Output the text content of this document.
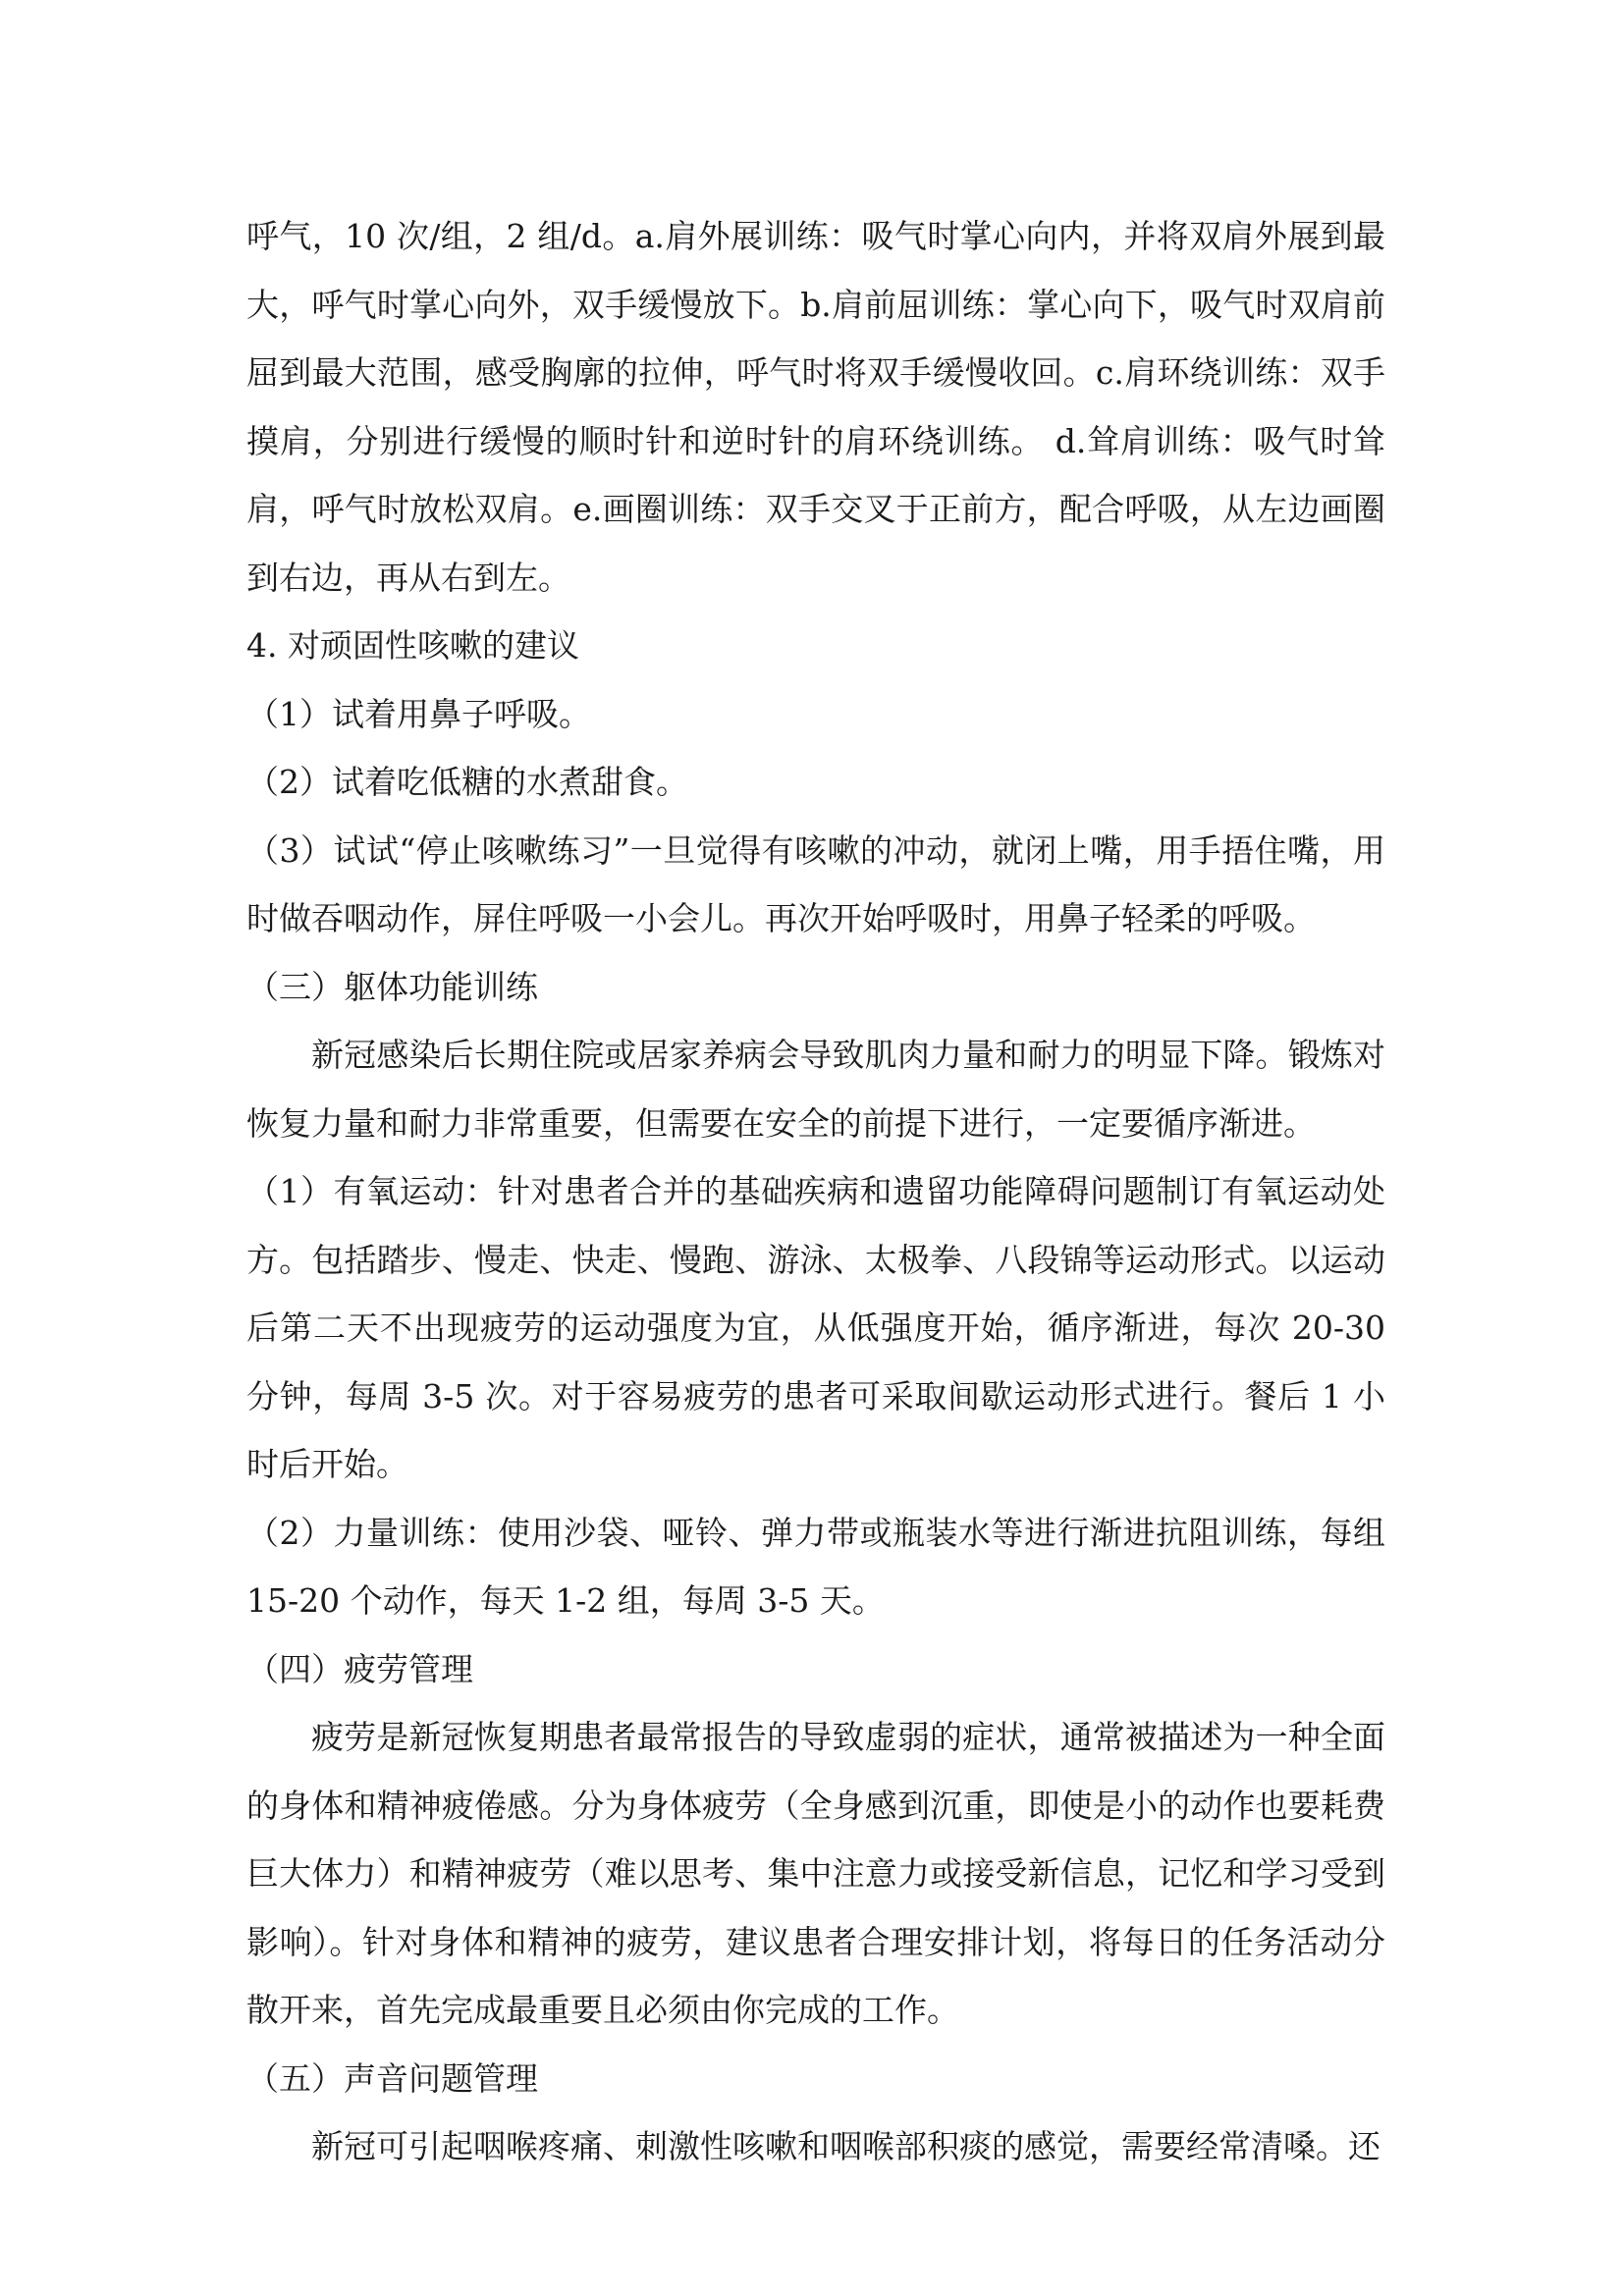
呼气，10 次/组，2 组/d。a.肩外展训练：吸气时掌心向内，并将双肩外展到最大，呼气时掌心向外，双手缓慢放下。b.肩前屈训练：掌心向下，吸气时双肩前屈到最大范围，感受胸廓的拉伸，呼气时将双手缓慢收回。c.肩环绕训练：双手摸肩，分别进行缓慢的顺时针和逆时针的肩环绕训练。 d.耸肩训练：吸气时耸肩，呼气时放松双肩。e.画圈训练：双手交叉于正前方，配合呼吸，从左边画圈到右边，再从右到左。

4. 对顽固性咳嗽的建议

（1）试着用鼻子呼吸。

（2）试着吃低糖的水煮甜食。

（3）试试“停止咳嗽练习”一旦觉得有咳嗽的冲动，就闭上嘴，用手捂住嘴，用时做吞咽动作，屏住呼吸一小会儿。再次开始呼吸时，用鼻子轻柔的呼吸。

（三）躯体功能训练

新冠感染后长期住院或居家养病会导致肌肉力量和耐力的明显下降。锻炼对恢复力量和耐力非常重要，但需要在安全的前提下进行，一定要循序渐进。

（1）有氧运动：针对患者合并的基础疾病和遗留功能障碍问题制订有氧运动处方。包括踏步、慢走、快走、慢跑、游泳、太极拳、八段锦等运动形式。以运动后第二天不出现疲劳的运动强度为宜，从低强度开始，循序渐进，每次 20-30 分钟，每周 3-5 次。对于容易疲劳的患者可采取间歇运动形式进行。餐后 1 小时后开始。

（2）力量训练：使用沙袋、哑铃、弹力带或瓶装水等进行渐进抗阻训练，每组 15-20 个动作，每天 1-2 组，每周 3-5 天。

（四）疲劳管理

疲劳是新冠恢复期患者最常报告的导致虚弱的症状，通常被描述为一种全面的身体和精神疲倦感。分为身体疲劳（全身感到沉重，即使是小的动作也要耗费巨大体力）和精神疲劳（难以思考、集中注意力或接受新信息，记忆和学习受到影响）。针对身体和精神的疲劳，建议患者合理安排计划，将每日的任务活动分散开来，首先完成最重要且必须由你完成的工作。

（五）声音问题管理

新冠可引起咽喉疼痛、刺激性咳嗽和咽喉部积痰的感觉，需要经常清嗓。还
